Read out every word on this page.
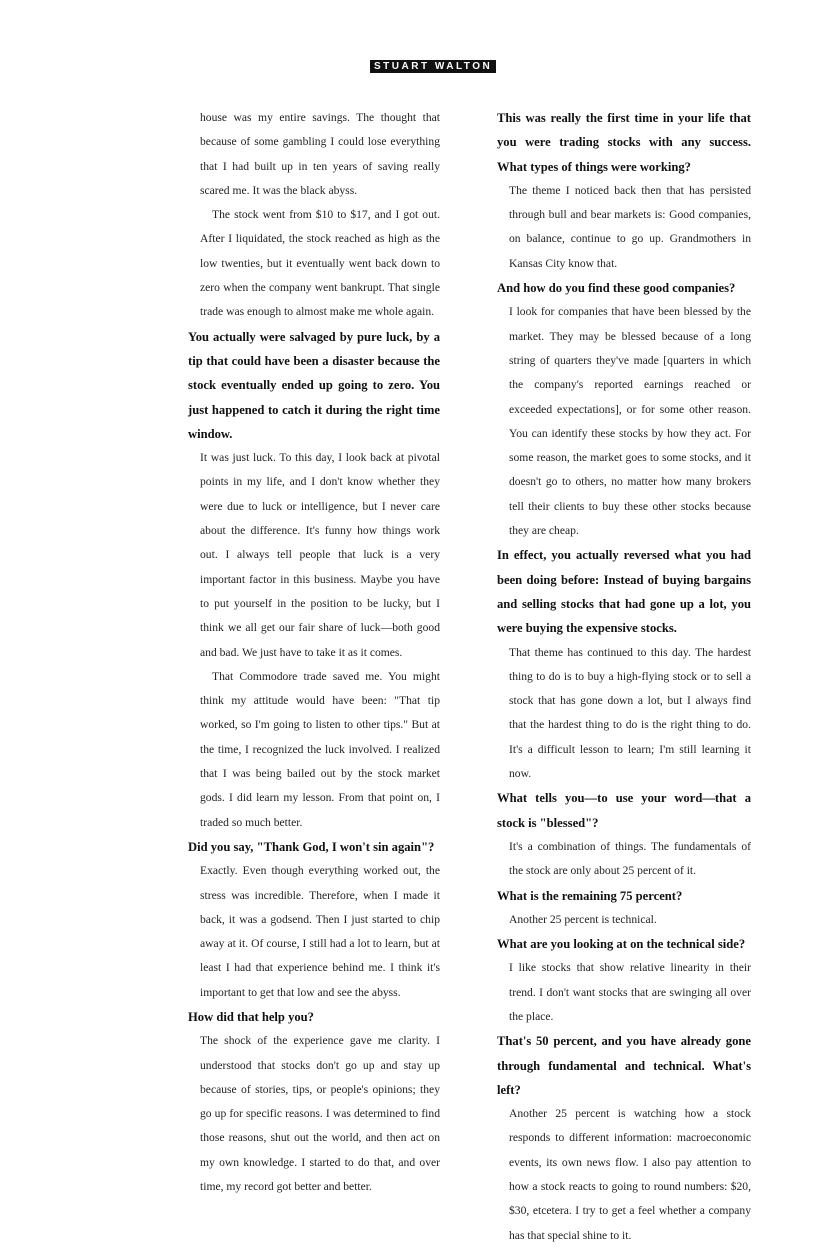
STUART WALTON

house was my entire savings. The thought that because of some gambling I could lose everything that I had built up in ten years of saving really scared me. It was the black abyss.

The stock went from $10 to $17, and I got out. After I liquidated, the stock reached as high as the low twenties, but it eventually went back down to zero when the company went bankrupt. That single trade was enough to almost make me whole again.

You actually were salvaged by pure luck, by a tip that could have been a disaster because the stock eventually ended up going to zero. You just happened to catch it during the right time window.

It was just luck. To this day, I look back at pivotal points in my life, and I don't know whether they were due to luck or intelligence, but I never care about the difference. It's funny how things work out. I always tell people that luck is a very important factor in this business. Maybe you have to put yourself in the position to be lucky, but I think we all get our fair share of luck—both good and bad. We just have to take it as it comes.

That Commodore trade saved me. You might think my attitude would have been: "That tip worked, so I'm going to listen to other tips." But at the time, I recognized the luck involved. I realized that I was being bailed out by the stock market gods. I did learn my lesson. From that point on, I traded so much better.

Did you say, "Thank God, I won't sin again"?

Exactly. Even though everything worked out, the stress was incredible. Therefore, when I made it back, it was a godsend. Then I just started to chip away at it. Of course, I still had a lot to learn, but at least I had that experience behind me. I think it's important to get that low and see the abyss.

How did that help you?

The shock of the experience gave me clarity. I understood that stocks don't go up and stay up because of stories, tips, or people's opinions; they go up for specific reasons. I was determined to find those reasons, shut out the world, and then act on my own knowledge. I started to do that, and over time, my record got better and better.

This was really the first time in your life that you were trading stocks with any success. What types of things were working?

The theme I noticed back then that has persisted through bull and bear markets is: Good companies, on balance, continue to go up. Grandmothers in Kansas City know that.

And how do you find these good companies?

I look for companies that have been blessed by the market. They may be blessed because of a long string of quarters they've made [quarters in which the company's reported earnings reached or exceeded expectations], or for some other reason. You can identify these stocks by how they act. For some reason, the market goes to some stocks, and it doesn't go to others, no matter how many brokers tell their clients to buy these other stocks because they are cheap.

In effect, you actually reversed what you had been doing before: Instead of buying bargains and selling stocks that had gone up a lot, you were buying the expensive stocks.

That theme has continued to this day. The hardest thing to do is to buy a high-flying stock or to sell a stock that has gone down a lot, but I always find that the hardest thing to do is the right thing to do. It's a difficult lesson to learn; I'm still learning it now.

What tells you—to use your word—that a stock is "blessed"?

It's a combination of things. The fundamentals of the stock are only about 25 percent of it.

What is the remaining 75 percent?

Another 25 percent is technical.

What are you looking at on the technical side?

I like stocks that show relative linearity in their trend. I don't want stocks that are swinging all over the place.

That's 50 percent, and you have already gone through fundamental and technical. What's left?

Another 25 percent is watching how a stock responds to different information: macroeconomic events, its own news flow. I also pay attention to how a stock reacts to going to round numbers: $20, $30, etcetera. I try to get a feel whether a company has that special shine to it.
